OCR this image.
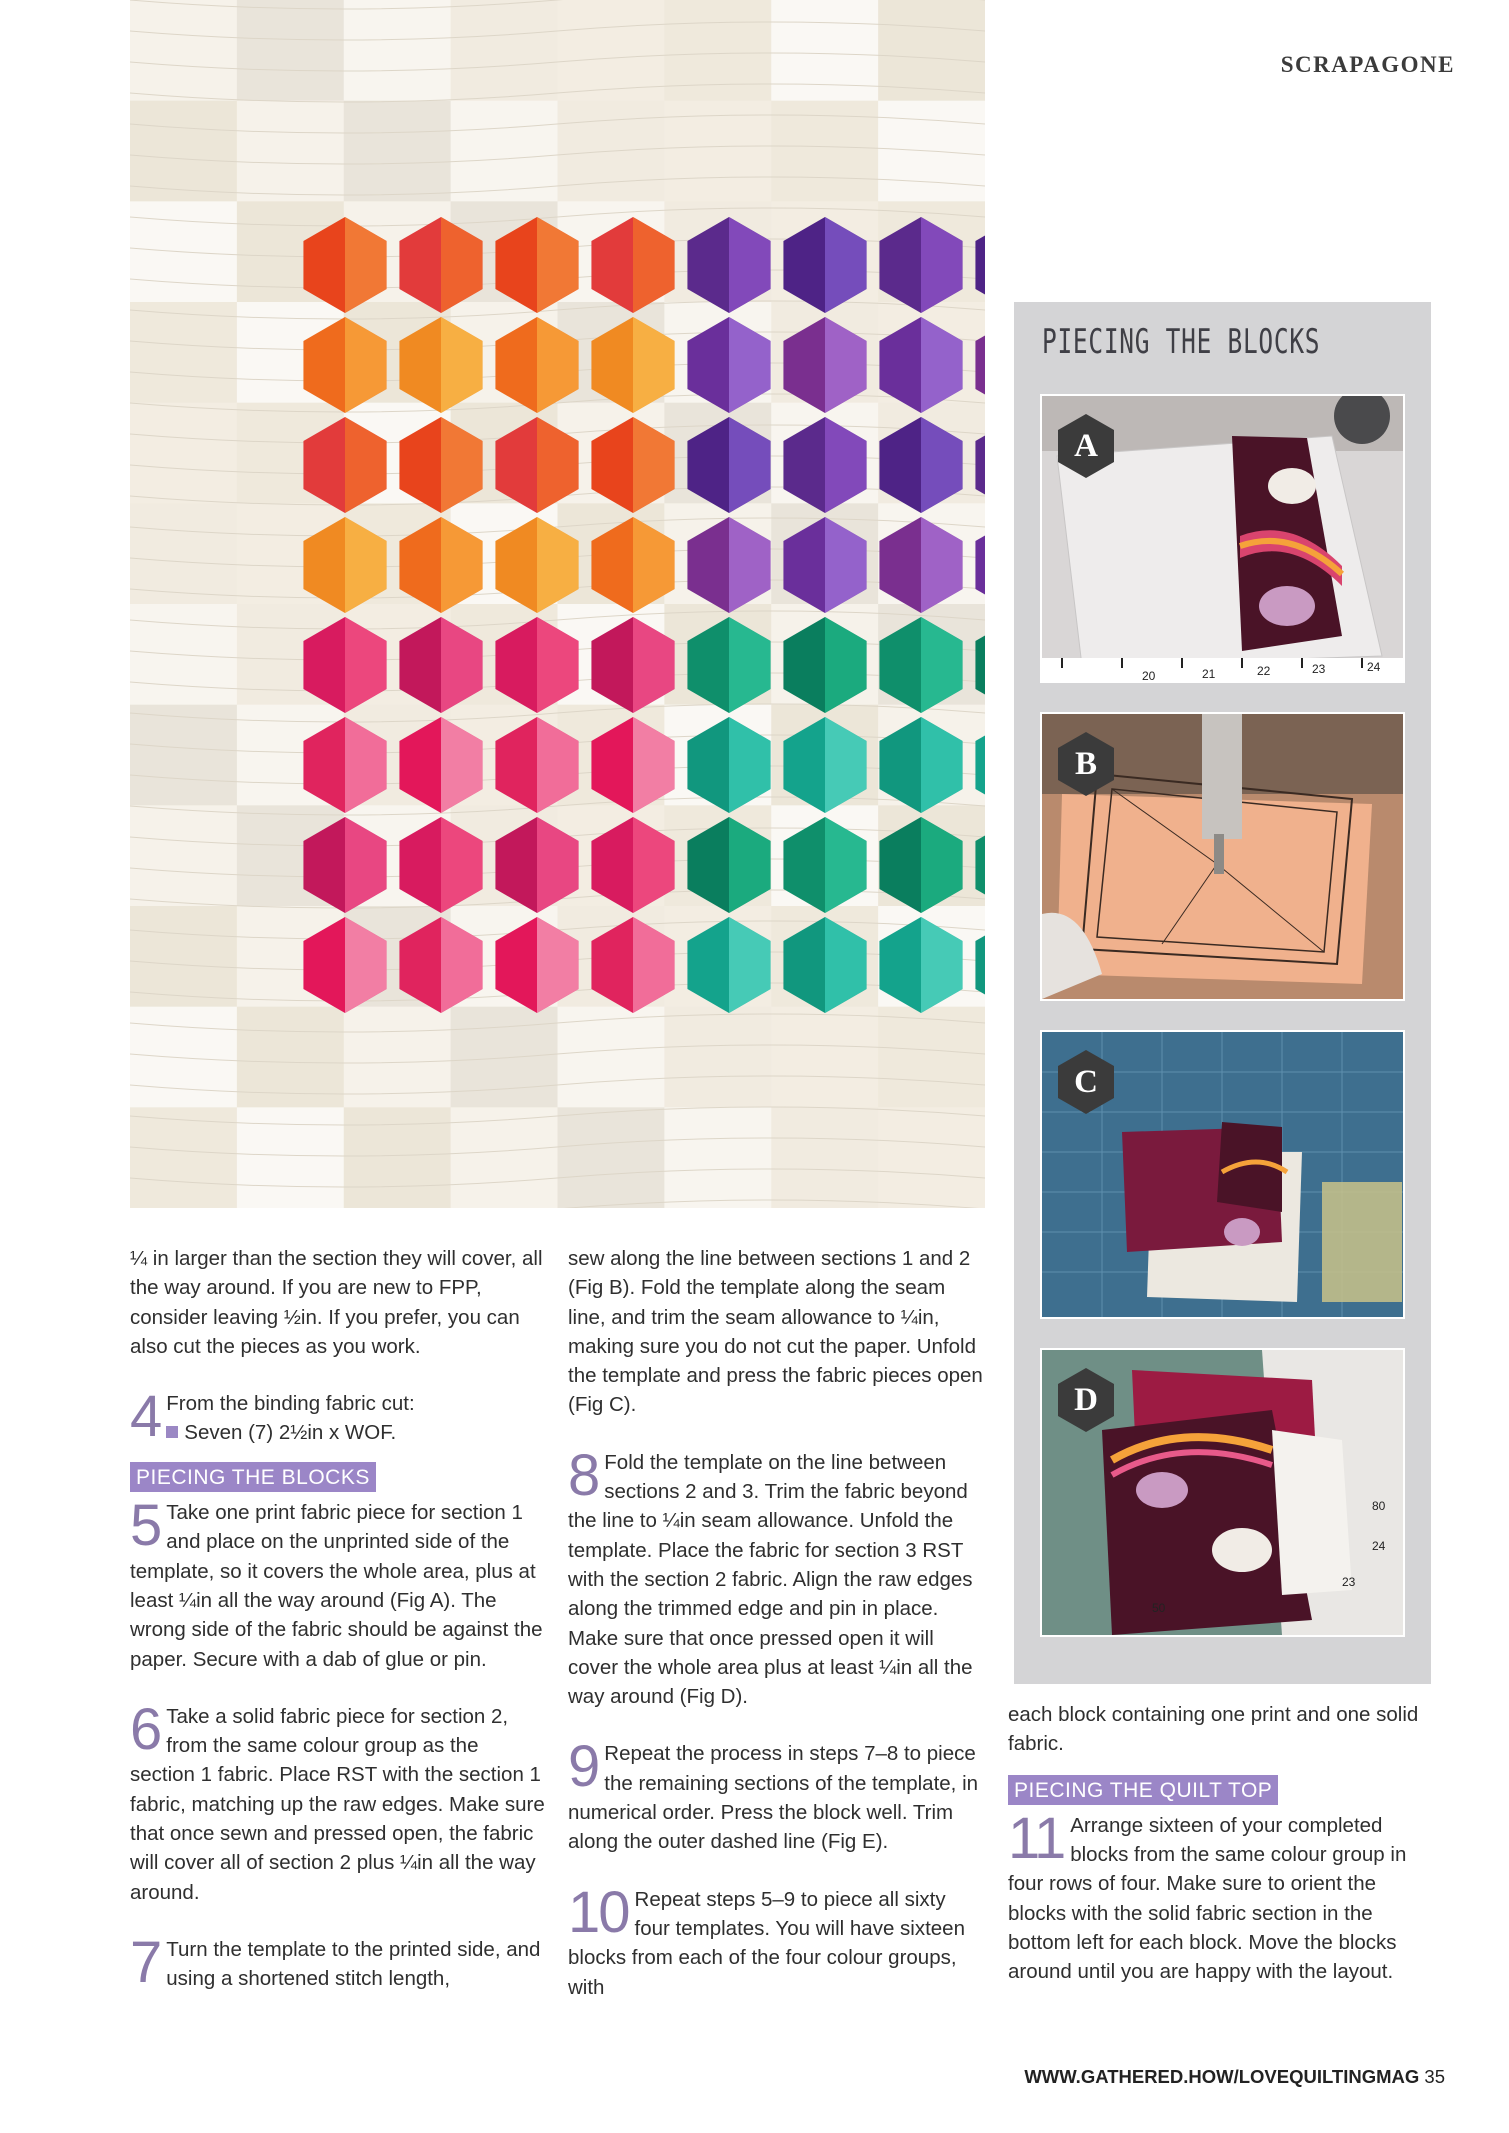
SCRAPAGONE
PIECING THE BLOCKS
20	21	22	23	24
A
B
C
50
80
24
23
D

¼ in larger than the section they will cover, all the way around. If you are new to FPP, consider leaving ½in. If you prefer, you can also cut the pieces as you work.

4 From the binding fabric cut:
Seven (7) 2½in x WOF.
PIECING THE BLOCKS
5 Take one print fabric piece for section 1 and place on the unprinted side of the template, so it covers the whole area, plus at least ¼in all the way around (Fig A). The wrong side of the fabric should be against the paper. Secure with a dab of glue or pin.

6 Take a solid fabric piece for section 2, from the same colour group as the section 1 fabric. Place RST with the section 1 fabric, matching up the raw edges. Make sure that once sewn and pressed open, the fabric will cover all of section 2 plus ¼in all the way around.

7 Turn the template to the printed side, and using a shortened stitch length,

sew along the line between sections 1 and 2 (Fig B). Fold the template along the seam line, and trim the seam allowance to ¼in, making sure you do not cut the paper. Unfold the template and press the fabric pieces open (Fig C).

8 Fold the template on the line between sections 2 and 3. Trim the fabric beyond the line to ¼in seam allowance. Unfold the template. Place the fabric for section 3 RST with the section 2 fabric. Align the raw edges along the trimmed edge and pin in place. Make sure that once pressed open it will cover the whole area plus at least ¼in all the way around (Fig D).

9 Repeat the process in steps 7–8 to piece the remaining sections of the template, in numerical order. Press the block well. Trim along the outer dashed line (Fig E).

10 Repeat steps 5–9 to piece all sixty four templates. You will have sixteen blocks from each of the four colour groups, with

each block containing one print and one solid fabric.

PIECING THE QUILT TOP
11 Arrange sixteen of your completed blocks from the same colour group in four rows of four. Make sure to orient the blocks with the solid fabric section in the bottom left for each block. Move the blocks around until you are happy with the layout.

WWW.GATHERED.HOW/LOVEQUILTINGMAG 35
